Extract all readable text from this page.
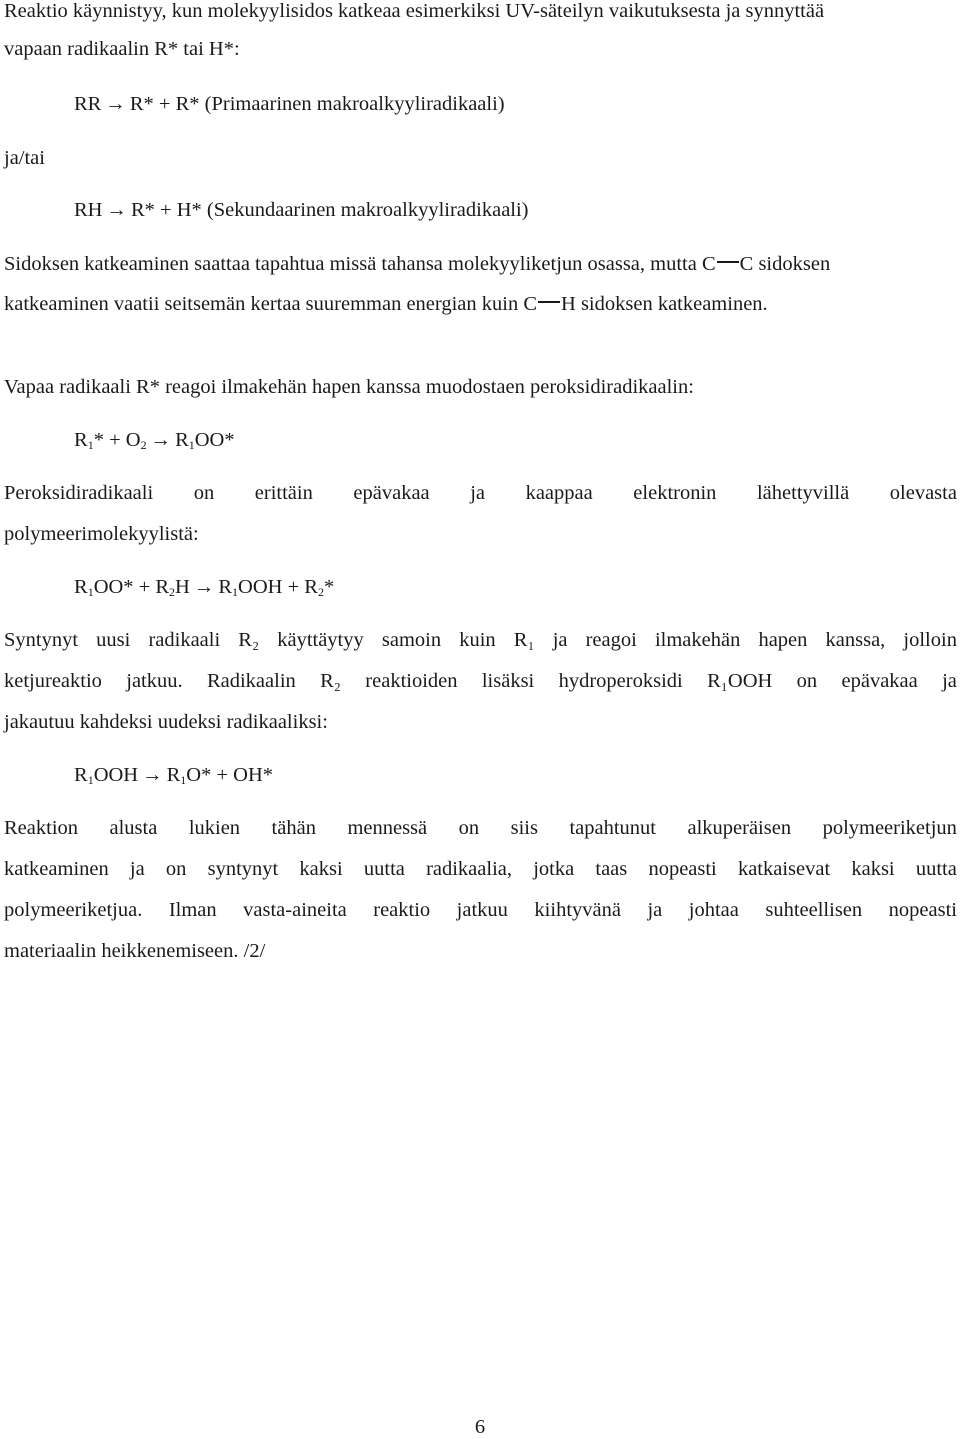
Reaktio käynnistyy, kun molekyylisidos katkeaa esimerkiksi UV-säteilyn vaikutuksesta ja synnyttää
vapaan radikaalin R* tai H*:
RR → R* + R* (Primaarinen makroalkyyliradikaali)
ja/tai
RH → R* + H* (Sekundaarinen makroalkyyliradikaali)
Sidoksen katkeaminen saattaa tapahtua missä tahansa molekyyliketjun osassa, mutta C C sidoksen
katkeaminen vaatii seitsemän kertaa suuremman energian kuin C H sidoksen katkeaminen.
Vapaa radikaali R* reagoi ilmakehän hapen kanssa muodostaen peroksidiradikaalin:
$R_1* + O_2 \to R_1OO*$
Peroksidiradikaali on erittäin epävakaa ja kaappaa elektronin lähettyvillä olevasta
polymeerimolekyylistä:
$R_1OO* + R_2H \to R_1OOH + R_2*$
Syntynyt uusi radikaali R₂ käyttäytyy samoin kuin R₁ ja reagoi ilmakehän hapen kanssa, jolloin
ketjureaktio jatkuu. Radikaalin R₂ reaktioiden lisäksi hydroperoksidi R₁OOH on epävakaa ja
jakautuu kahdeksi uudeksi radikaaliksi:
$R_1OOH \to R_1O* + OH*$
Reaktion alusta lukien tähän mennessä on siis tapahtunut alkuperäisen polymeeriketjun
katkeaminen ja on syntynyt kaksi uutta radikaalia, jotka taas nopeasti katkaisevat kaksi uutta
polymeeriketjua. Ilman vasta-aineita reaktio jatkuu kiihtyvänä ja johtaa suhteellisen nopeasti
materiaalin heikkenemiseen. /2/
6
